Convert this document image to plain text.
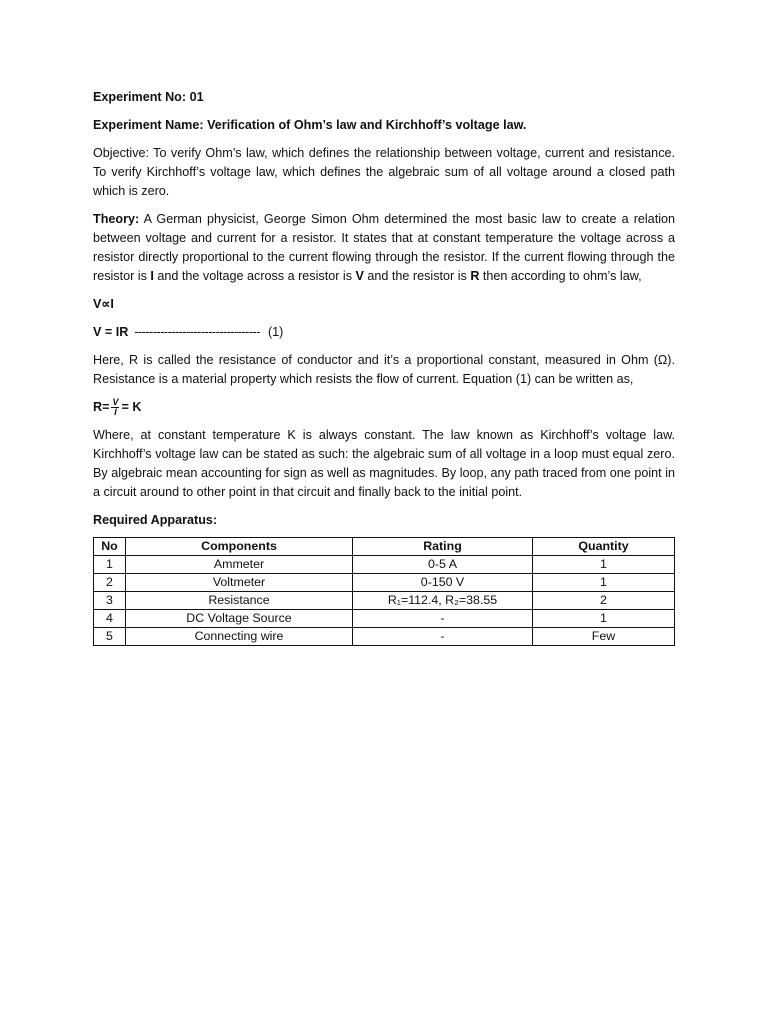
Experiment No: 01

Experiment Name: Verification of Ohm’s law and Kirchhoff’s voltage law.

Objective: To verify Ohm’s law, which defines the relationship between voltage, current and resistance. To verify Kirchhoff’s voltage law, which defines the algebraic sum of all voltage around a closed path which is zero.

Theory: A German physicist, George Simon Ohm determined the most basic law to create a relation between voltage and current for a resistor. It states that at constant temperature the voltage across a resistor directly proportional to the current flowing through the resistor. If the current flowing through the resistor is I and the voltage across a resistor is V and the resistor is R then according to ohm’s law,

V∝I

V = IR ---------------------------------- (1)

Here, R is called the resistance of conductor and it’s a proportional constant, measured in Ohm (Ω). Resistance is a material property which resists the flow of current. Equation (1) can be written as,

$R= \frac{V}{I} = K$

Where, at constant temperature K is always constant. The law known as Kirchhoff’s voltage law. Kirchhoff’s voltage law can be stated as such: the algebraic sum of all voltage in a loop must equal zero. By algebraic mean accounting for sign as well as magnitudes. By loop, any path traced from one point in a circuit around to other point in that circuit and finally back to the initial point.

Required Apparatus:

No	Components	Rating	Quantity
1	Ammeter	0-5 A	1
2	Voltmeter	0-150 V	1
3	Resistance	R₁=112.4, R₂=38.55	2
4	DC Voltage Source	-	1
5	Connecting wire	-	Few
